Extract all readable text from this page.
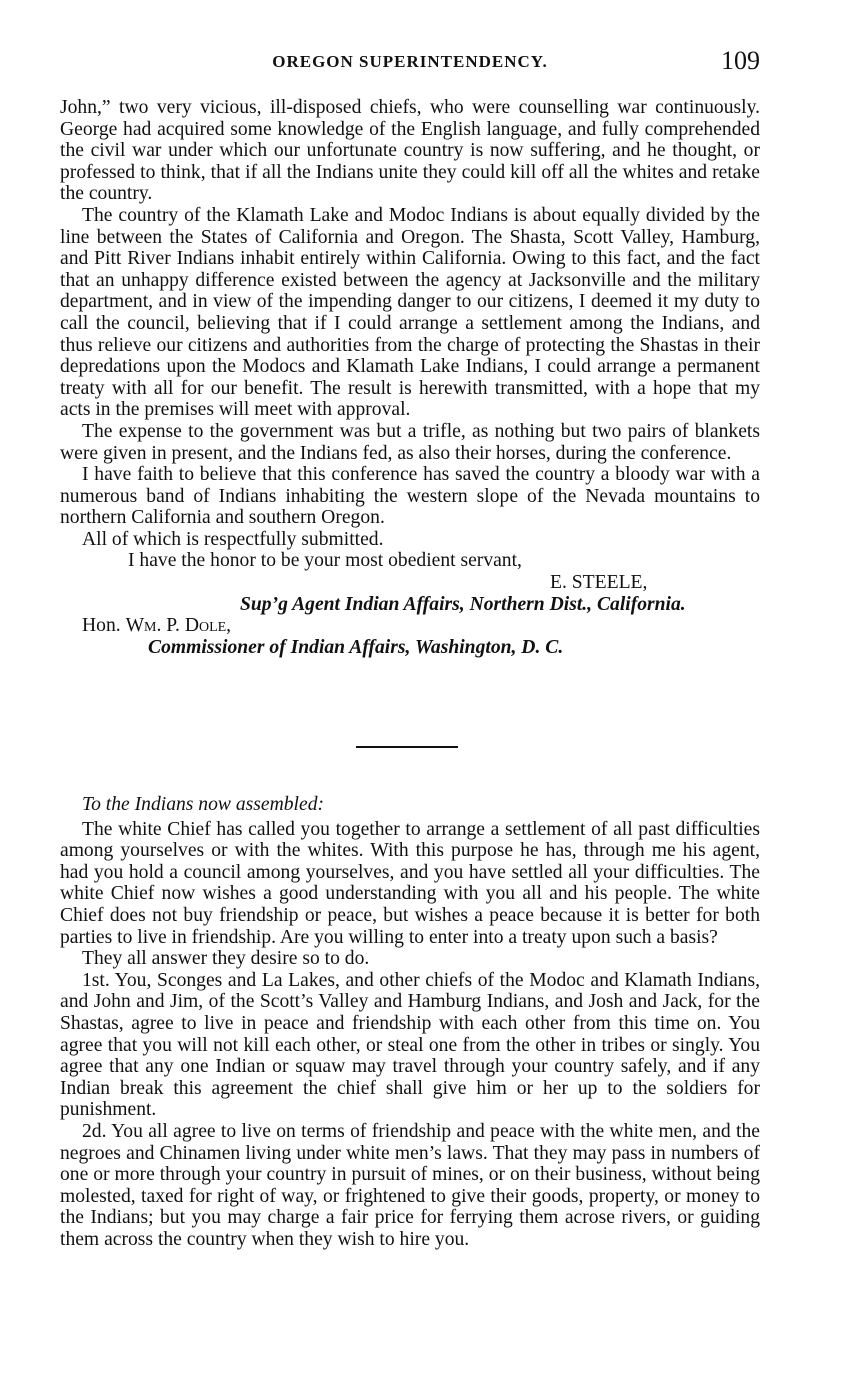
OREGON SUPERINTENDENCY.	109

John,” two very vicious, ill-disposed chiefs, who were counselling war continuously. George had acquired some knowledge of the English language, and fully comprehended the civil war under which our unfortunate country is now suffering, and he thought, or professed to think, that if all the Indians unite they could kill off all the whites and retake the country.

The country of the Klamath Lake and Modoc Indians is about equally divided by the line between the States of California and Oregon. The Shasta, Scott Valley, Hamburg, and Pitt River Indians inhabit entirely within California. Owing to this fact, and the fact that an unhappy difference existed between the agency at Jacksonville and the military department, and in view of the impending danger to our citizens, I deemed it my duty to call the council, believing that if I could arrange a settlement among the Indians, and thus relieve our citizens and authorities from the charge of protecting the Shastas in their depredations upon the Modocs and Klamath Lake Indians, I could arrange a permanent treaty with all for our benefit. The result is herewith transmitted, with a hope that my acts in the premises will meet with approval.

The expense to the government was but a trifle, as nothing but two pairs of blankets were given in present, and the Indians fed, as also their horses, during the conference.

I have faith to believe that this conference has saved the country a bloody war with a numerous band of Indians inhabiting the western slope of the Nevada mountains to northern California and southern Oregon.

All of which is respectfully submitted.
I have the honor to be your most obedient servant,
E. STEELE,
Sup’g Agent Indian Affairs, Northern Dist., California.
Hon. Wm. P. Dole,
Commissioner of Indian Affairs, Washington, D. C.

To the Indians now assembled:

The white Chief has called you together to arrange a settlement of all past difficulties among yourselves or with the whites. With this purpose he has, through me his agent, had you hold a council among yourselves, and you have settled all your difficulties. The white Chief now wishes a good understanding with you all and his people. The white Chief does not buy friendship or peace, but wishes a peace because it is better for both parties to live in friendship. Are you willing to enter into a treaty upon such a basis?

They all answer they desire so to do.

1st. You, Sconges and La Lakes, and other chiefs of the Modoc and Klamath Indians, and John and Jim, of the Scott’s Valley and Hamburg Indians, and Josh and Jack, for the Shastas, agree to live in peace and friendship with each other from this time on. You agree that you will not kill each other, or steal one from the other in tribes or singly. You agree that any one Indian or squaw may travel through your country safely, and if any Indian break this agreement the chief shall give him or her up to the soldiers for punishment.

2d. You all agree to live on terms of friendship and peace with the white men, and the negroes and Chinamen living under white men’s laws. That they may pass in numbers of one or more through your country in pursuit of mines, or on their business, without being molested, taxed for right of way, or frightened to give their goods, property, or money to the Indians; but you may charge a fair price for ferrying them acrose rivers, or guiding them across the country when they wish to hire you.
